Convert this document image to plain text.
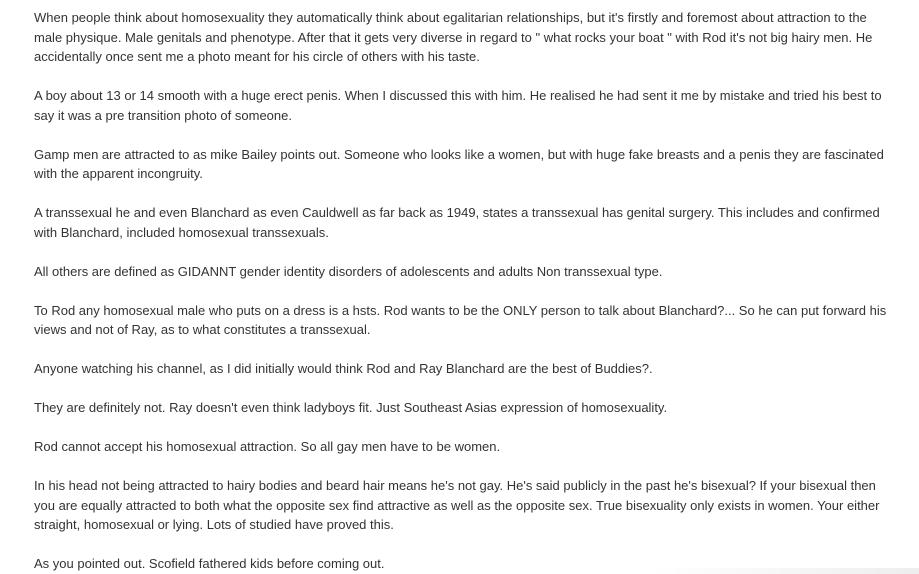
When people think about homosexuality they automatically think about egalitarian relationships, but it's firstly and foremost about attraction to the male physique. Male genitals and phenotype. After that it gets very diverse in regard to " what rocks your boat " with Rod it's not big hairy men. He accidentally once sent me a photo meant for his circle of others with his taste.

A boy about 13 or 14 smooth with a huge erect penis. When I discussed this with him. He realised he had sent it me by mistake and tried his best to say it was a pre transition photo of someone.

Gamp men are attracted to as mike Bailey points out. Someone who looks like a women, but with huge fake breasts and a penis they are fascinated with the apparent incongruity.

A transsexual he and even Blanchard as even Cauldwell as far back as 1949, states a transsexual has genital surgery. This includes and confirmed with Blanchard, included homosexual transsexuals.

All others are defined as GIDANNT gender identity disorders of adolescents and adults Non transsexual type.

To Rod any homosexual male who puts on a dress is a hsts. Rod wants to be the ONLY person to talk about Blanchard?... So he can put forward his views and not of Ray, as to what constitutes a transsexual.

Anyone watching his channel, as I did initially would think Rod and Ray Blanchard are the best of Buddies?.

They are definitely not. Ray doesn't even think ladyboys fit. Just Southeast Asias expression of homosexuality.

Rod cannot accept his homosexual attraction. So all gay men have to be women.

In his head not being attracted to hairy bodies and beard hair means he's not gay. He's said publicly in the past he's bisexual? If your bisexual then you are equally attracted to both what the opposite sex find attractive as well as the opposite sex. True bisexuality only exists in women. Your either straight, homosexual or lying. Lots of studied have proved this.

As you pointed out. Scofield fathered kids before coming out.
